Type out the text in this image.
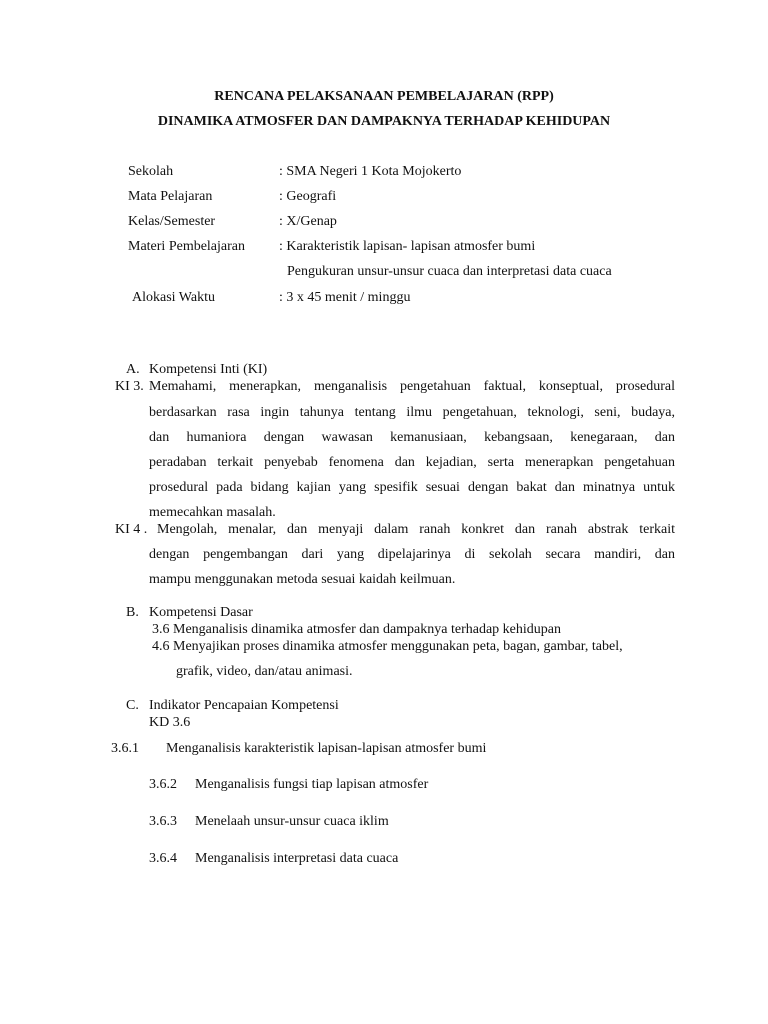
RENCANA PELAKSANAAN PEMBELAJARAN (RPP)
DINAMIKA ATMOSFER DAN DAMPAKNYA TERHADAP KEHIDUPAN
Sekolah	: SMA Negeri 1 Kota Mojokerto
Mata Pelajaran	: Geografi
Kelas/Semester	: X/Genap
Materi Pembelajaran : Karakteristik lapisan- lapisan atmosfer bumi
Pengukuran unsur-unsur cuaca dan interpretasi data cuaca
Alokasi Waktu	: 3 x 45 menit / minggu
A. Kompetensi Inti (KI)
KI 3. Memahami, menerapkan, menganalisis pengetahuan faktual, konseptual, prosedural
berdasarkan rasa ingin tahunya tentang ilmu pengetahuan, teknologi, seni, budaya,
dan humaniora dengan wawasan kemanusiaan, kebangsaan, kenegaraan, dan
peradaban terkait penyebab fenomena dan kejadian, serta menerapkan pengetahuan
prosedural pada bidang kajian yang spesifik sesuai dengan bakat dan minatnya untuk
memecahkan masalah.
KI 4 . Mengolah, menalar, dan menyaji dalam ranah konkret dan ranah abstrak terkait
dengan pengembangan dari yang dipelajarinya di sekolah secara mandiri, dan
mampu menggunakan metoda sesuai kaidah keilmuan.
B. Kompetensi Dasar
3.6 Menganalisis dinamika atmosfer dan dampaknya terhadap kehidupan
4.6 Menyajikan proses dinamika atmosfer menggunakan peta, bagan, gambar, tabel,
grafik, video, dan/atau animasi.
C. Indikator Pencapaian Kompetensi
KD 3.6
3.6.1 Menganalisis karakteristik lapisan-lapisan atmosfer bumi
3.6.2 Menganalisis fungsi tiap lapisan atmosfer
3.6.3 Menelaah unsur-unsur cuaca iklim
3.6.4 Menganalisis interpretasi data cuaca
